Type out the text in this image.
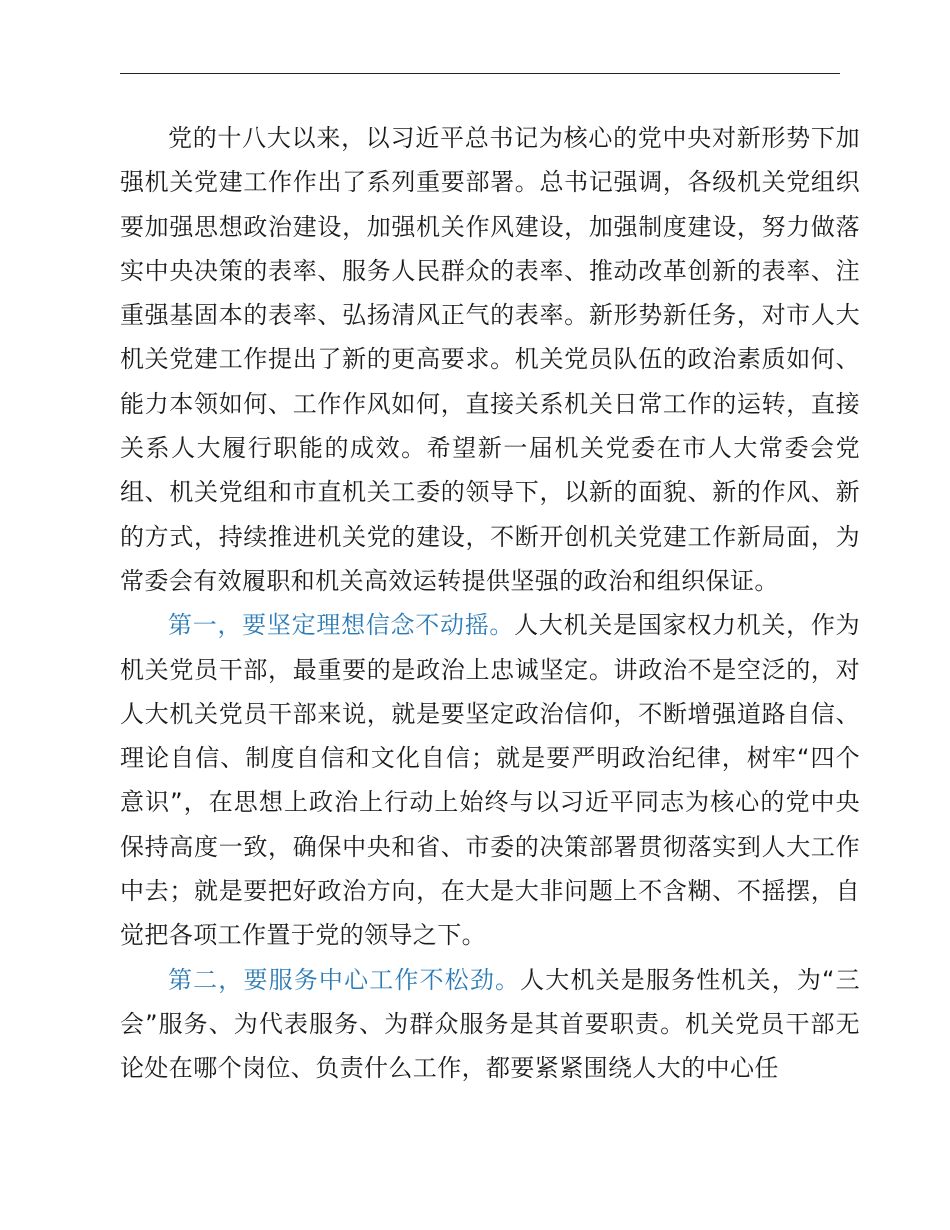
党的十八大以来，以习近平总书记为核心的党中央对新形势下加强机关党建工作作出了系列重要部署。总书记强调，各级机关党组织要加强思想政治建设，加强机关作风建设，加强制度建设，努力做落实中央决策的表率、服务人民群众的表率、推动改革创新的表率、注重强基固本的表率、弘扬清风正气的表率。新形势新任务，对市人大机关党建工作提出了新的更高要求。机关党员队伍的政治素质如何、能力本领如何、工作作风如何，直接关系机关日常工作的运转，直接关系人大履行职能的成效。希望新一届机关党委在市人大常委会党组、机关党组和市直机关工委的领导下，以新的面貌、新的作风、新的方式，持续推进机关党的建设，不断开创机关党建工作新局面，为常委会有效履职和机关高效运转提供坚强的政治和组织保证。

第一，要坚定理想信念不动摇。人大机关是国家权力机关，作为机关党员干部，最重要的是政治上忠诚坚定。讲政治不是空泛的，对人大机关党员干部来说，就是要坚定政治信仰，不断增强道路自信、理论自信、制度自信和文化自信；就是要严明政治纪律，树牢“四个意识”，在思想上政治上行动上始终与以习近平同志为核心的党中央保持高度一致，确保中央和省、市委的决策部署贯彻落实到人大工作中去；就是要把好政治方向，在大是大非问题上不含糊、不摇摆，自觉把各项工作置于党的领导之下。

第二，要服务中心工作不松劲。人大机关是服务性机关，为“三会”服务、为代表服务、为群众服务是其首要职责。机关党员干部无论处在哪个岗位、负责什么工作，都要紧紧围绕人大的中心任
